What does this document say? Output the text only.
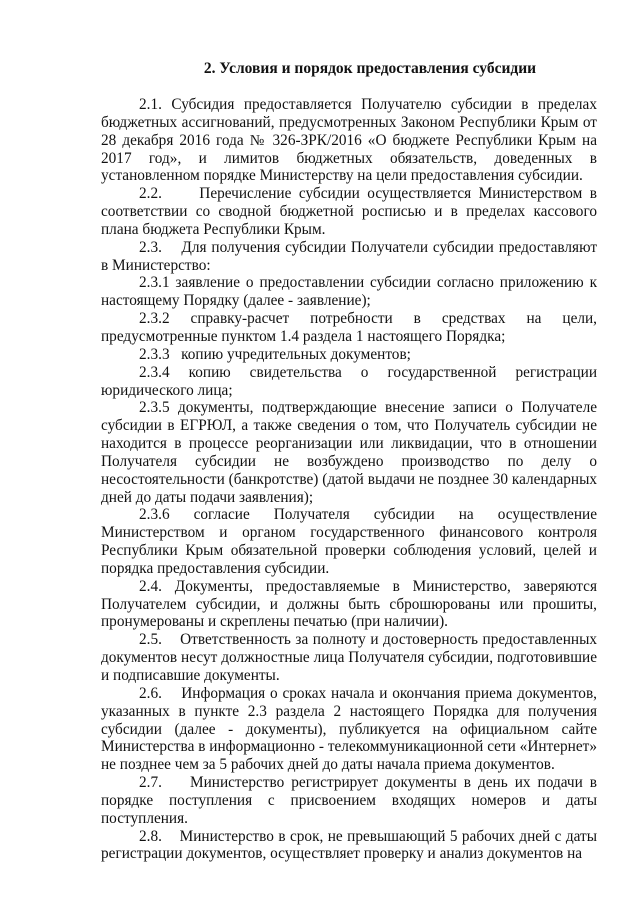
2. Условия и порядок предоставления субсидии

2.1. Субсидия предоставляется Получателю субсидии в пределах бюджетных ассигнований, предусмотренных Законом Республики Крым от 28 декабря 2016 года № 326-ЗРК/2016 «О бюджете Республики Крым на 2017 год», и лимитов бюджетных обязательств, доведенных в установленном порядке Министерству на цели предоставления субсидии.

2.2. Перечисление субсидии осуществляется Министерством в соответствии со сводной бюджетной росписью и в пределах кассового плана бюджета Республики Крым.

2.3. Для получения субсидии Получатели субсидии предоставляют в Министерство:

2.3.1 заявление о предоставлении субсидии согласно приложению к настоящему Порядку (далее - заявление);

2.3.2 справку-расчет потребности в средствах на цели, предусмотренные пунктом 1.4 раздела 1 настоящего Порядка;

2.3.3 копию учредительных документов;

2.3.4 копию свидетельства о государственной регистрации юридического лица;

2.3.5 документы, подтверждающие внесение записи о Получателе субсидии в ЕГРЮЛ, а также сведения о том, что Получатель субсидии не находится в процессе реорганизации или ликвидации, что в отношении Получателя субсидии не возбуждено производство по делу о несостоятельности (банкротстве) (датой выдачи не позднее 30 календарных дней до даты подачи заявления);

2.3.6 согласие Получателя субсидии на осуществление Министерством и органом государственного финансового контроля Республики Крым обязательной проверки соблюдения условий, целей и порядка предоставления субсидии.

2.4. Документы, предоставляемые в Министерство, заверяются Получателем субсидии, и должны быть сброшюрованы или прошиты, пронумерованы и скреплены печатью (при наличии).

2.5. Ответственность за полноту и достоверность предоставленных документов несут должностные лица Получателя субсидии, подготовившие и подписавшие документы.

2.6. Информация о сроках начала и окончания приема документов, указанных в пункте 2.3 раздела 2 настоящего Порядка для получения субсидии (далее - документы), публикуется на официальном сайте Министерства в информационно - телекоммуникационной сети «Интернет» не позднее чем за 5 рабочих дней до даты начала приема документов.

2.7. Министерство регистрирует документы в день их подачи в порядке поступления с присвоением входящих номеров и даты поступления.

2.8. Министерство в срок, не превышающий 5 рабочих дней с даты регистрации документов, осуществляет проверку и анализ документов на
